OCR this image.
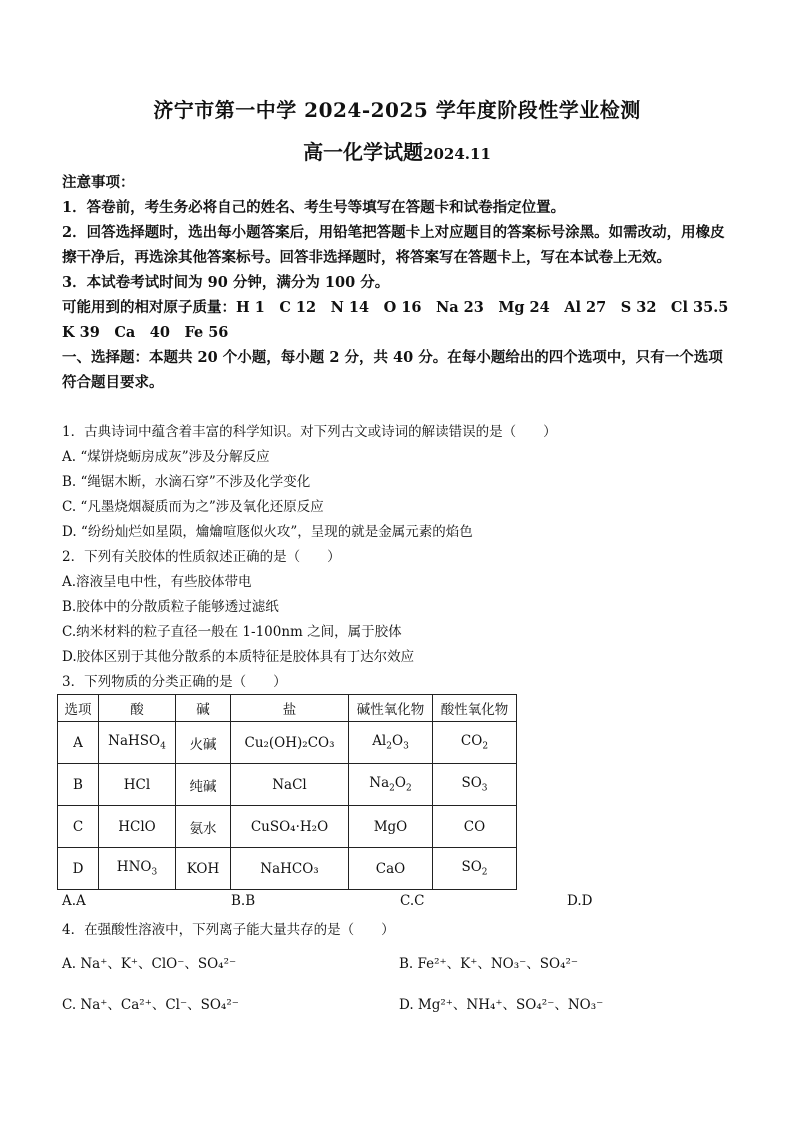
济宁市第一中学 2024-2025 学年度阶段性学业检测
高一化学试题2024.11
注意事项：
1．答卷前，考生务必将自己的姓名、考生号等填写在答题卡和试卷指定位置。
2．回答选择题时，选出每小题答案后，用铅笔把答题卡上对应题目的答案标号涂黑。如需改动，用橡皮擦干净后，再选涂其他答案标号。回答非选择题时，将答案写在答题卡上，写在本试卷上无效。
3．本试卷考试时间为 90 分钟，满分为 100 分。
可能用到的相对原子质量：H 1　C 12　N 14　O 16　Na 23　Mg 24　Al 27　S 32　Cl 35.5　K 39　Ca　40　Fe 56
一、选择题：本题共 20 个小题，每小题 2 分，共 40 分。在每小题给出的四个选项中，只有一个选项符合题目要求。
1．古典诗词中蕴含着丰富的科学知识。对下列古文或诗词的解读错误的是（　　）
A. “煤饼烧蛎房成灰”涉及分解反应
B. “绳锯木断，水滴石穿”不涉及化学变化
C. “凡墨烧烟凝质而为之”涉及氧化还原反应
D. “纷纷灿烂如星陨，爚爚喧豗似火攻”，呈现的就是金属元素的焰色
2．下列有关胶体的性质叙述正确的是（　　）
A.溶液呈电中性，有些胶体带电
B.胶体中的分散质粒子能够透过滤纸
C.纳米材料的粒子直径一般在 1-100nm 之间，属于胶体
D.胶体区别于其他分散系的本质特征是胶体具有丁达尔效应
3．下列物质的分类正确的是（　　）
选项	酸	碱	盐	碱性氧化物	酸性氧化物
A	NaHSO$_4$	火碱	Cu₂(OH)₂CO₃	$Al_2O_3$	$CO_2$
B	HCl	纯碱	NaCl	$Na_2O_2$	$SO_3$
C	HClO	氨水	CuSO₄·H₂O	MgO	CO
D	$HNO_3$	KOH	NaHCO₃	CaO	$SO_2$
A.A	B.B	C.C	D.D
4．在强酸性溶液中，下列离子能大量共存的是（　　）
A. Na⁺、K⁺、ClO⁻、SO₄²⁻	B. Fe²⁺、K⁺、NO₃⁻、SO₄²⁻
C. Na⁺、Ca²⁺、Cl⁻、SO₄²⁻	D. Mg²⁺、NH₄⁺、SO₄²⁻、NO₃⁻
